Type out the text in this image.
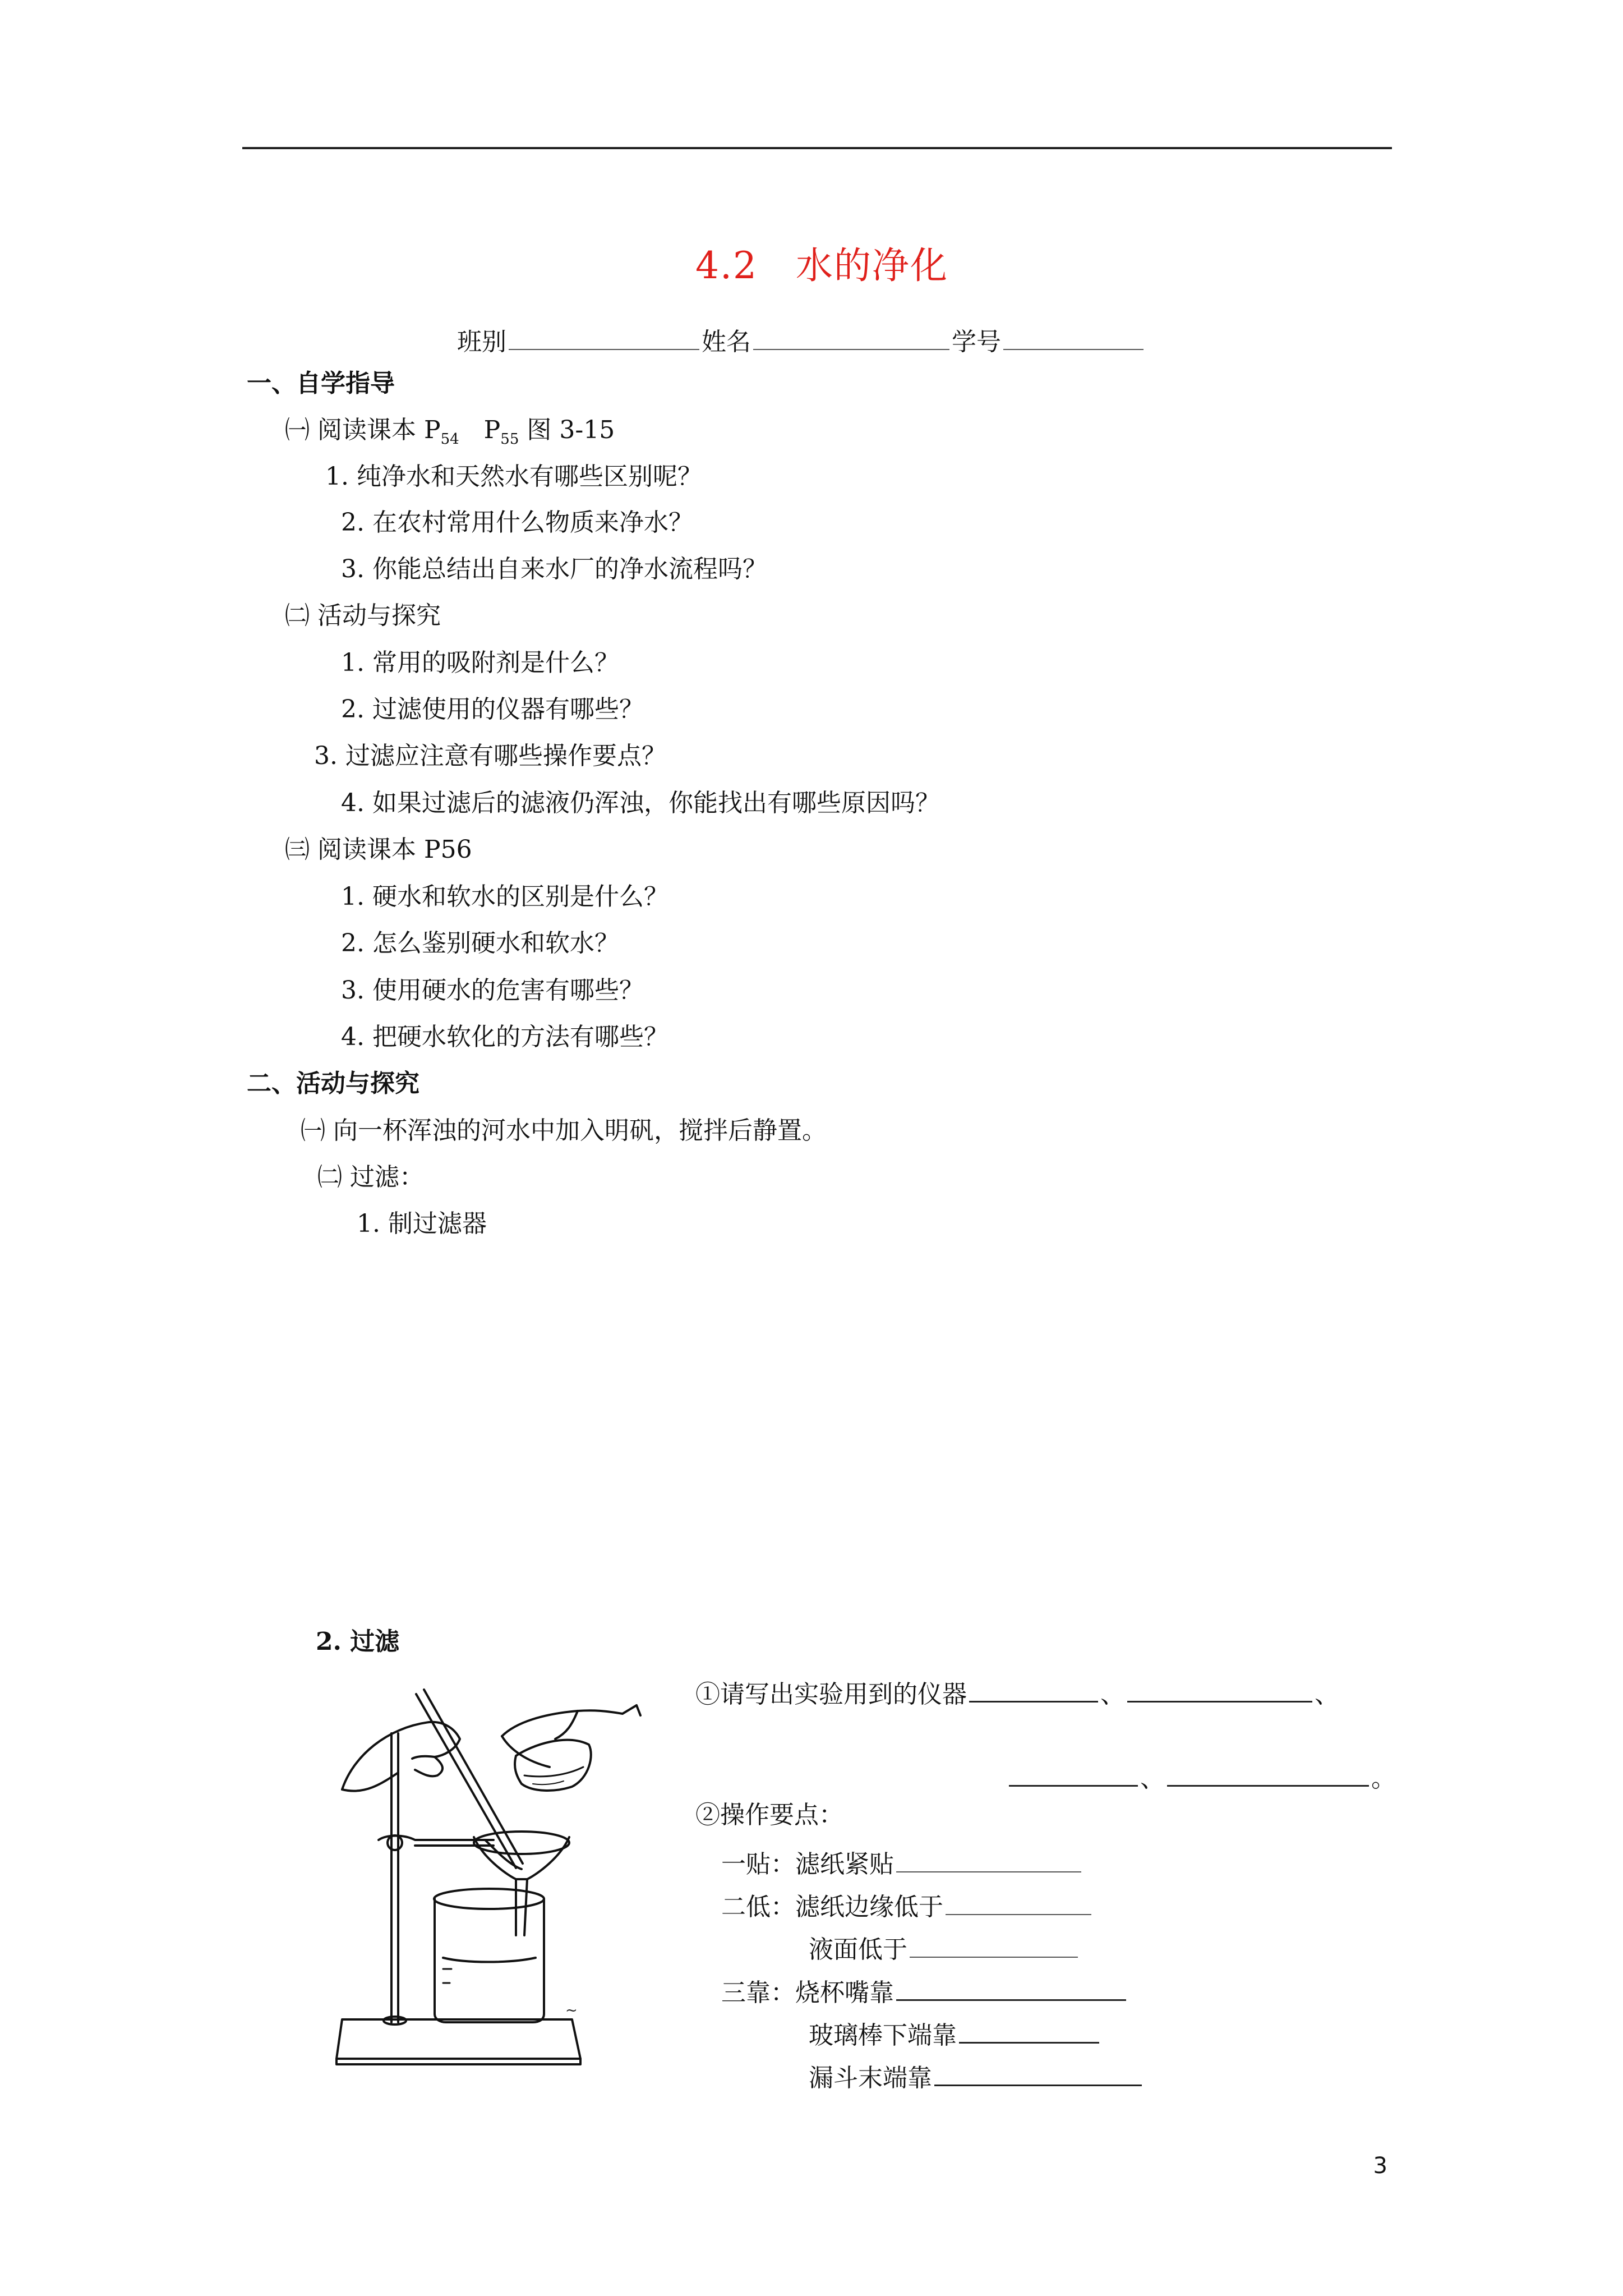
4.2　水的净化
班别	姓名	学号
一、自学指导
㈠ 阅读课本 $P_{54}$　$P_{55}$ 图 3-15
1. 纯净水和天然水有哪些区别呢？
2. 在农村常用什么物质来净水？
3. 你能总结出自来水厂的净水流程吗？
㈡ 活动与探究
1. 常用的吸附剂是什么？
2. 过滤使用的仪器有哪些？
3. 过滤应注意有哪些操作要点？
4. 如果过滤后的滤液仍浑浊，你能找出有哪些原因吗？
㈢ 阅读课本 P56
1. 硬水和软水的区别是什么？
2. 怎么鉴别硬水和软水？
3. 使用硬水的危害有哪些？
4. 把硬水软化的方法有哪些？
二、活动与探究
㈠ 向一杯浑浊的河水中加入明矾，搅拌后静置。
㈡ 过滤：
1. 制过滤器
2. 过滤
①请写出实验用到的仪器	、	、
、	。
②操作要点：
一贴：滤纸紧贴
二低：滤纸边缘低于
液面低于
三靠：烧杯嘴靠
玻璃棒下端靠
漏斗末端靠
~
3
